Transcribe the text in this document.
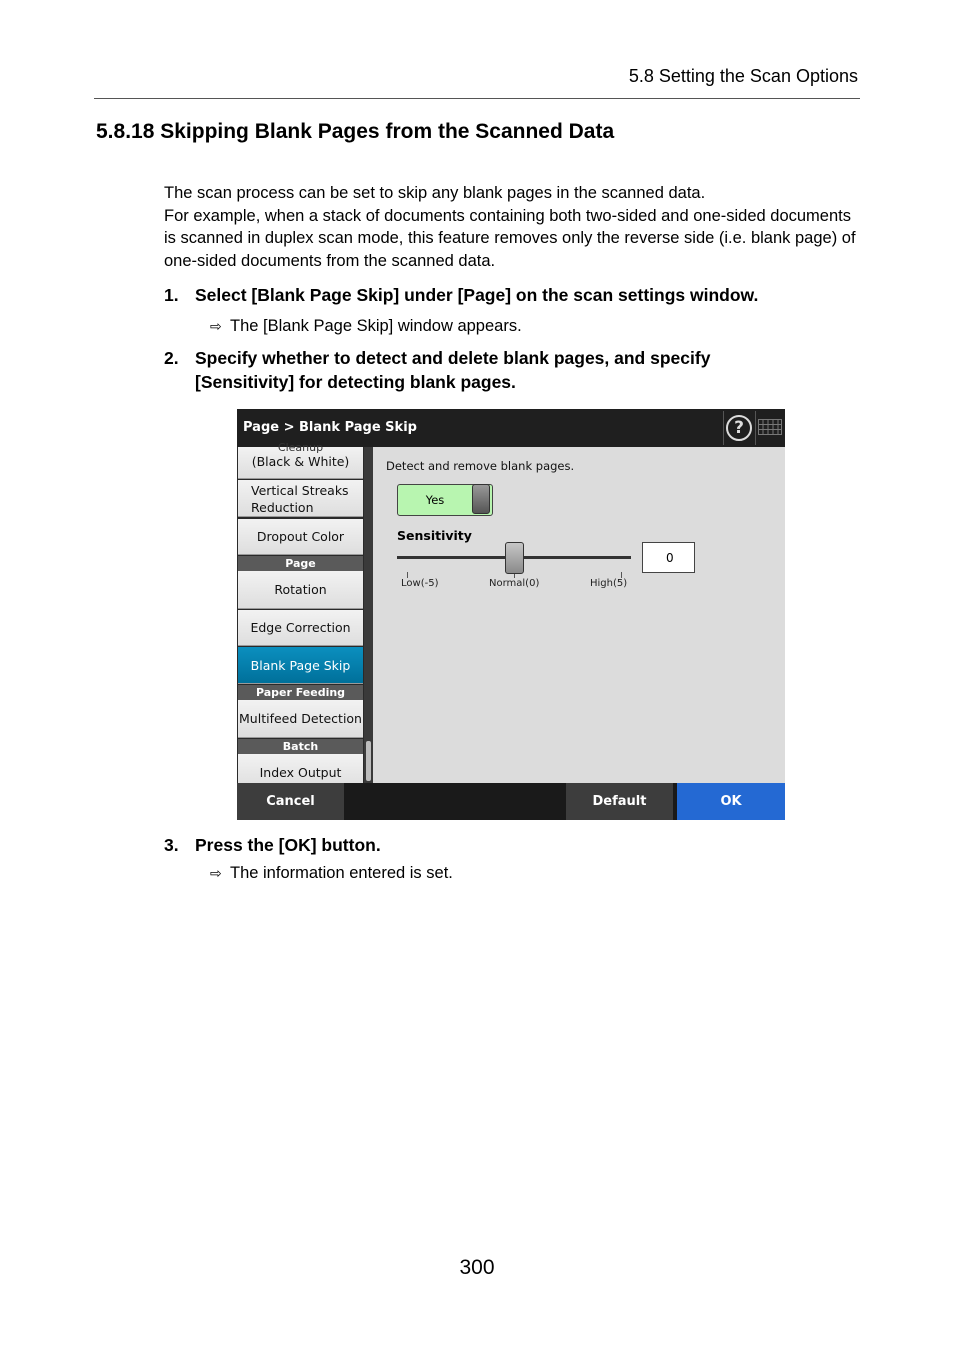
5.8 Setting the Scan Options
5.8.18 Skipping Blank Pages from the Scanned Data

The scan process can be set to skip any blank pages in the scanned data.

For example, when a stack of documents containing both two-sided and one-sided documents is scanned in duplex scan mode, this feature removes only the reverse side (i.e. blank page) of one-sided documents from the scanned data.

1. Select [Blank Page Skip] under [Page] on the scan settings window.
⇨ The [Blank Page Skip] window appears.
2. Specify whether to detect and delete blank pages, and specify [Sensitivity] for detecting blank pages.
Page > Blank Page Skip	?
Cleanup
(Black & White)
Vertical Streaks
Reduction
Dropout Color
Page
Rotation
Edge Correction
Blank Page Skip
Paper Feeding
Multifeed Detection
Batch
Index Output
Detect and remove blank pages.
Yes
Sensitivity
Low(-5)	Normal(0)	High(5)
0
Cancel	Default	OK
3. Press the [OK] button.
⇨ The information entered is set.
300
